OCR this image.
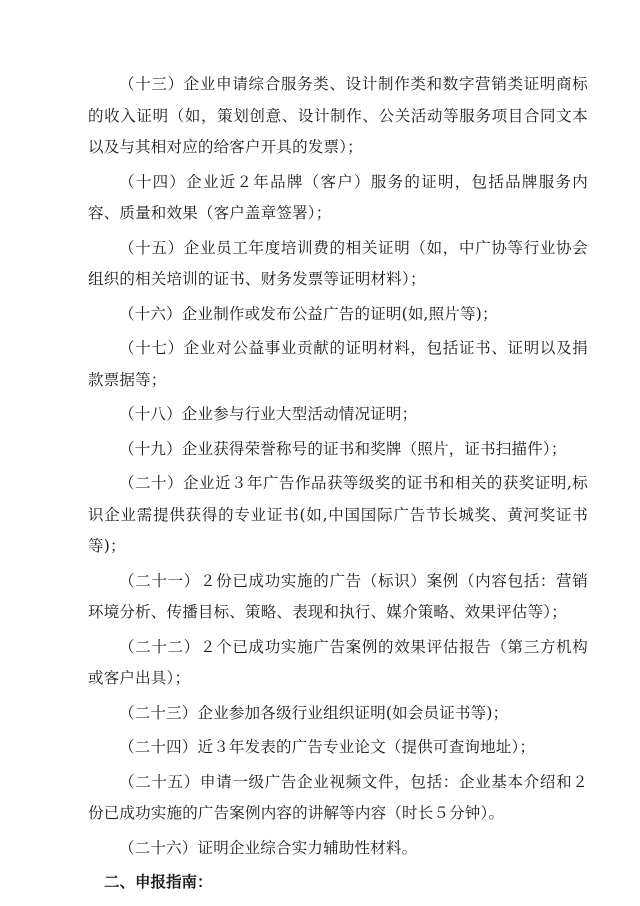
（十三）企业申请综合服务类、设计制作类和数字营销类证明商标的收入证明（如，策划创意、设计制作、公关活动等服务项目合同文本以及与其相对应的给客户开具的发票）；

（十四）企业近２年品牌（客户）服务的证明，包括品牌服务内容、质量和效果（客户盖章签署）；

（十五）企业员工年度培训费的相关证明（如，中广协等行业协会组织的相关培训的证书、财务发票等证明材料）；

（十六）企业制作或发布公益广告的证明(如,照片等)；

（十七）企业对公益事业贡献的证明材料，包括证书、证明以及捐款票据等；

（十八）企业参与行业大型活动情况证明；

（十九）企业获得荣誉称号的证书和奖牌（照片，证书扫描件）；

（二十）企业近３年广告作品获等级奖的证书和相关的获奖证明,标识企业需提供获得的专业证书(如,中国国际广告节长城奖、黄河奖证书等)；

（二十一）２份已成功实施的广告（标识）案例（内容包括：营销环境分析、传播目标、策略、表现和执行、媒介策略、效果评估等）；

（二十二）２个已成功实施广告案例的效果评估报告（第三方机构或客户出具）；

（二十三）企业参加各级行业组织证明(如会员证书等)；

（二十四）近３年发表的广告专业论文（提供可查询地址）；

（二十五）申请一级广告企业视频文件，包括：企业基本介绍和２份已成功实施的广告案例内容的讲解等内容（时长５分钟）。

（二十六）证明企业综合实力辅助性材料。

二、申报指南：
